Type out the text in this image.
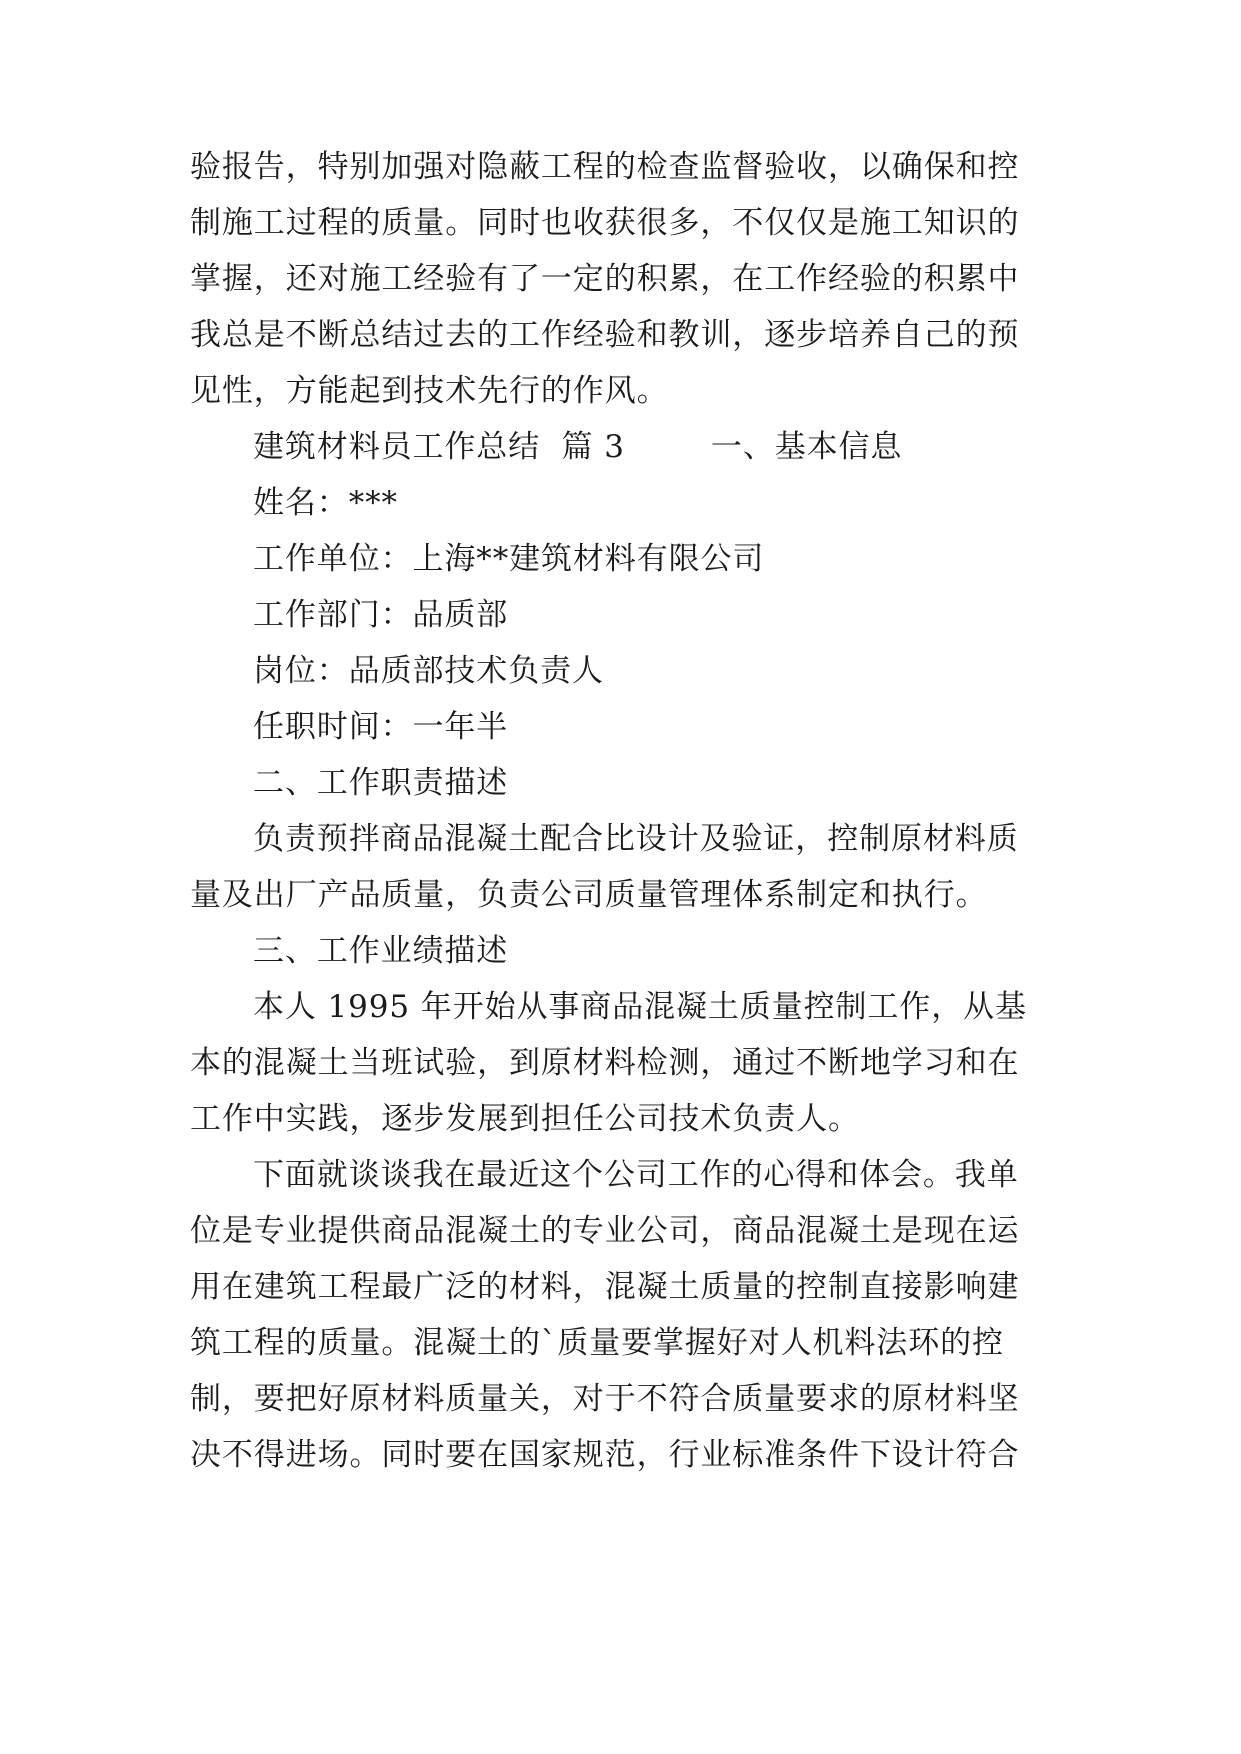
验报告，特别加强对隐蔽工程的检查监督验收，以确保和控
制施工过程的质量。同时也收获很多，不仅仅是施工知识的
掌握，还对施工经验有了一定的积累，在工作经验的积累中
我总是不断总结过去的工作经验和教训，逐步培养自己的预
见性，方能起到技术先行的作风。
建筑材料员工作总结  篇 3        一、基本信息
姓名：***
工作单位：上海**建筑材料有限公司
工作部门：品质部
岗位：品质部技术负责人
任职时间：一年半
二、工作职责描述
负责预拌商品混凝土配合比设计及验证，控制原材料质
量及出厂产品质量，负责公司质量管理体系制定和执行。
三、工作业绩描述
本人 1995 年开始从事商品混凝土质量控制工作，从基
本的混凝土当班试验，到原材料检测，通过不断地学习和在
工作中实践，逐步发展到担任公司技术负责人。
下面就谈谈我在最近这个公司工作的心得和体会。我单
位是专业提供商品混凝土的专业公司，商品混凝土是现在运
用在建筑工程最广泛的材料，混凝土质量的控制直接影响建
筑工程的质量。混凝土的`质量要掌握好对人机料法环的控
制，要把好原材料质量关，对于不符合质量要求的原材料坚
决不得进场。同时要在国家规范，行业标准条件下设计符合
